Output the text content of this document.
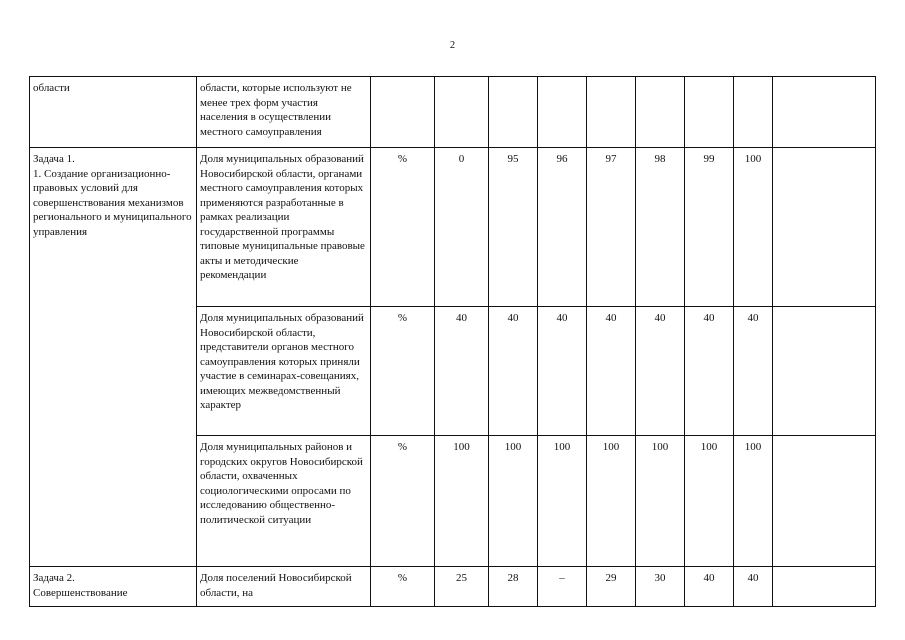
2
области	области, которые используют не менее трех форм участия населения в осуществлении местного самоуправления									
Задача 1.
1. Создание организационно-правовых условий для совершенствования механизмов регионального и муниципального управления	Доля муниципальных образований Новосибирской области, органами местного самоуправления которых применяются разработанные в рамках реализации государственной программы типовые муниципальные правовые акты и методические рекомендации	%	0	95	96	97	98	99	100	
	Доля муниципальных образований Новосибирской области, представители органов местного самоуправления которых приняли участие в семинарах-совещаниях, имеющих межведомственный характер	%	40	40	40	40	40	40	40	
	Доля муниципальных районов и городских округов Новосибирской области, охваченных социологическими опросами по исследованию общественно-политической ситуации	%	100	100	100	100	100	100	100	
Задача 2.
Совершенствование	Доля поселений Новосибирской области, на	%	25	28	–	29	30	40	40	
